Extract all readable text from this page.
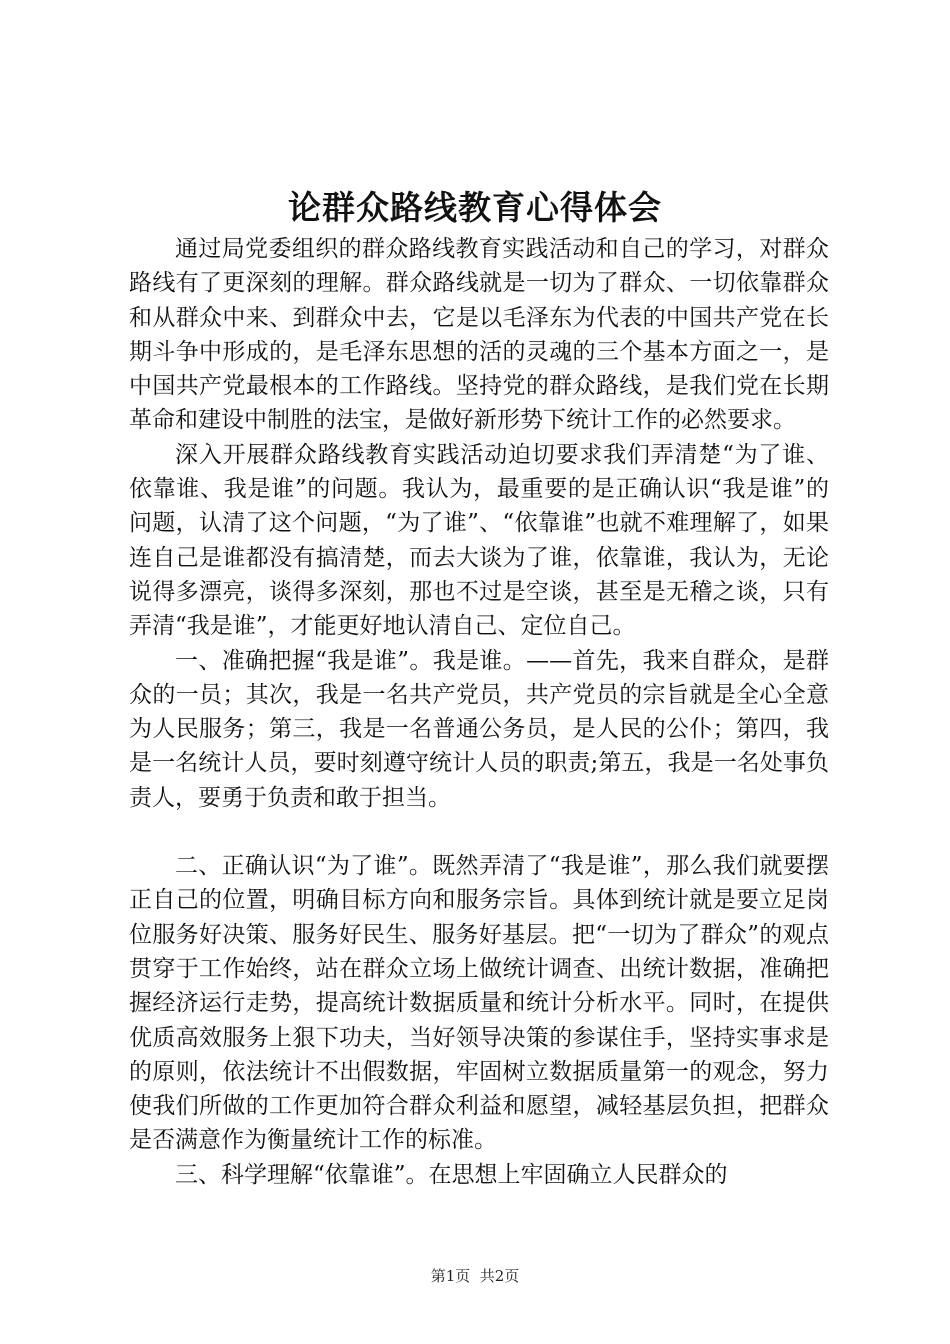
论群众路线教育心得体会

通过局党委组织的群众路线教育实践活动和自己的学习，对群众路线有了更深刻的理解。群众路线就是一切为了群众、一切依靠群众和从群众中来、到群众中去，它是以毛泽东为代表的中国共产党在长期斗争中形成的，是毛泽东思想的活的灵魂的三个基本方面之一，是中国共产党最根本的工作路线。坚持党的群众路线，是我们党在长期革命和建设中制胜的法宝，是做好新形势下统计工作的必然要求。

深入开展群众路线教育实践活动迫切要求我们弄清楚“为了谁、依靠谁、我是谁”的问题。我认为，最重要的是正确认识“我是谁”的问题，认清了这个问题，“为了谁”、“依靠谁”也就不难理解了，如果连自己是谁都没有搞清楚，而去大谈为了谁，依靠谁，我认为，无论说得多漂亮，谈得多深刻，那也不过是空谈，甚至是无稽之谈，只有弄清“我是谁”，才能更好地认清自己、定位自己。

一、准确把握“我是谁”。我是谁。——首先，我来自群众，是群众的一员；其次，我是一名共产党员，共产党员的宗旨就是全心全意为人民服务；第三，我是一名普通公务员，是人民的公仆；第四，我是一名统计人员，要时刻遵守统计人员的职责;第五，我是一名处事负责人，要勇于负责和敢于担当。

二、正确认识“为了谁”。既然弄清了“我是谁”，那么我们就要摆正自己的位置，明确目标方向和服务宗旨。具体到统计就是要立足岗位服务好决策、服务好民生、服务好基层。把“一切为了群众”的观点贯穿于工作始终，站在群众立场上做统计调查、出统计数据，准确把握经济运行走势，提高统计数据质量和统计分析水平。同时，在提供优质高效服务上狠下功夫，当好领导决策的参谋住手，坚持实事求是的原则，依法统计不出假数据，牢固树立数据质量第一的观念，努力使我们所做的工作更加符合群众利益和愿望，减轻基层负担，把群众是否满意作为衡量统计工作的标准。

三、科学理解“依靠谁”。在思想上牢固确立人民群众的

第1页  共2页
